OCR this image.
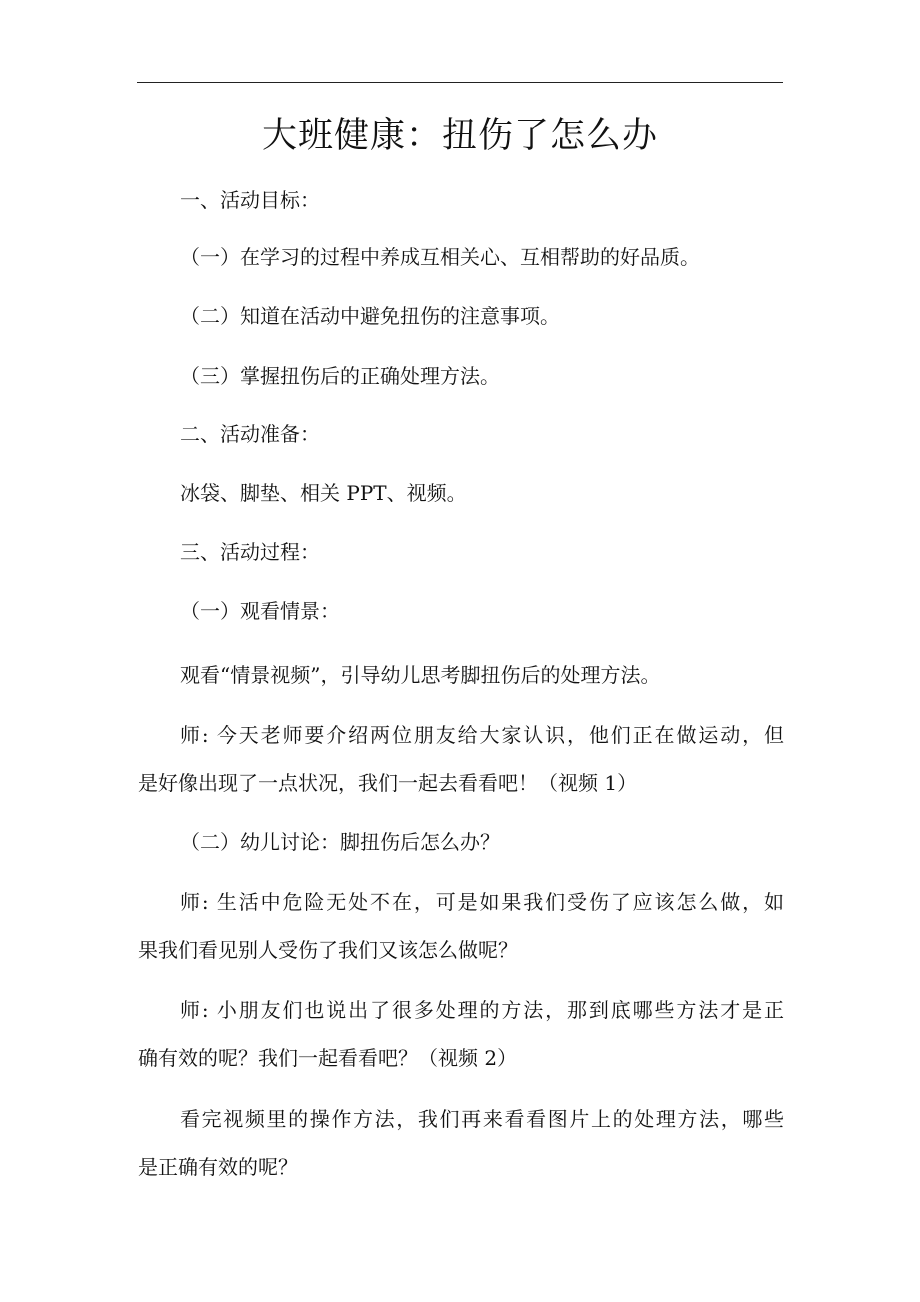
大班健康：扭伤了怎么办
一、活动目标：
（一）在学习的过程中养成互相关心、互相帮助的好品质。
（二）知道在活动中避免扭伤的注意事项。
（三）掌握扭伤后的正确处理方法。
二、活动准备：
冰袋、脚垫、相关 PPT、视频。
三、活动过程：
（一）观看情景：
观看“情景视频”，引导幼儿思考脚扭伤后的处理方法。
师: 今天老师要介绍两位朋友给大家认识，他们正在做运动，但
是好像出现了一点状况，我们一起去看看吧！（视频 1）
（二）幼儿讨论：脚扭伤后怎么办？
师: 生活中危险无处不在，可是如果我们受伤了应该怎么做，如
果我们看见别人受伤了我们又该怎么做呢？
师: 小朋友们也说出了很多处理的方法，那到底哪些方法才是正
确有效的呢？我们一起看看吧？（视频 2）
看完视频里的操作方法，我们再来看看图片上的处理方法，哪些
是正确有效的呢？
